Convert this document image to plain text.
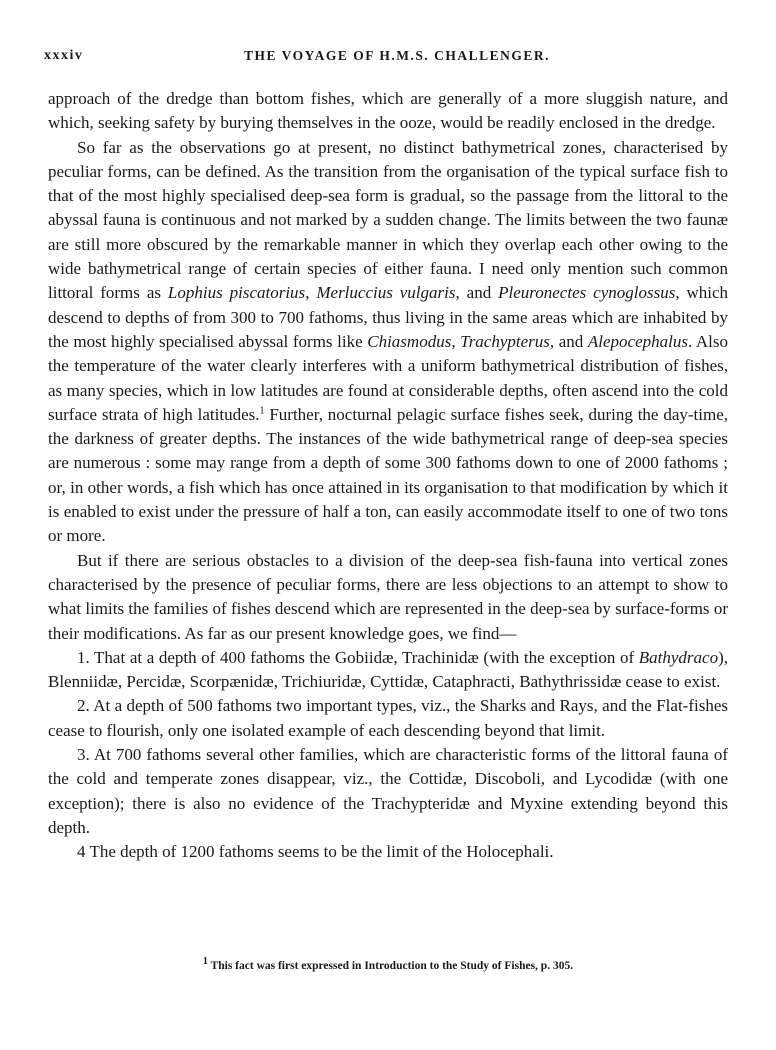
xxxiv	THE VOYAGE OF H.M.S. CHALLENGER.

approach of the dredge than bottom fishes, which are generally of a more sluggish nature, and which, seeking safety by burying themselves in the ooze, would be readily enclosed in the dredge.

So far as the observations go at present, no distinct bathymetrical zones, characterised by peculiar forms, can be defined. As the transition from the organisation of the typical surface fish to that of the most highly specialised deep-sea form is gradual, so the passage from the littoral to the abyssal fauna is continuous and not marked by a sudden change. The limits between the two faunæ are still more obscured by the remarkable manner in which they overlap each other owing to the wide bathymetrical range of certain species of either fauna. I need only mention such common littoral forms as Lophius piscatorius, Merluccius vulgaris, and Pleuronectes cynoglossus, which descend to depths of from 300 to 700 fathoms, thus living in the same areas which are inhabited by the most highly specialised abyssal forms like Chiasmodus, Trachypterus, and Alepocephalus. Also the temperature of the water clearly interferes with a uniform bathymetrical distribution of fishes, as many species, which in low latitudes are found at considerable depths, often ascend into the cold surface strata of high latitudes.$^1$ Further, nocturnal pelagic surface fishes seek, during the day-time, the darkness of greater depths. The instances of the wide bathymetrical range of deep-sea species are numerous : some may range from a depth of some 300 fathoms down to one of 2000 fathoms ; or, in other words, a fish which has once attained in its organisation to that modification by which it is enabled to exist under the pressure of half a ton, can easily accommodate itself to one of two tons or more.

But if there are serious obstacles to a division of the deep-sea fish-fauna into vertical zones characterised by the presence of peculiar forms, there are less objections to an attempt to show to what limits the families of fishes descend which are represented in the deep-sea by surface-forms or their modifications. As far as our present knowledge goes, we find—

1. That at a depth of 400 fathoms the Gobiidæ, Trachinidæ (with the exception of Bathydraco), Blenniidæ, Percidæ, Scorpænidæ, Trichiuridæ, Cyttidæ, Cataphracti, Bathythrissidæ cease to exist.

2. At a depth of 500 fathoms two important types, viz., the Sharks and Rays, and the Flat-fishes cease to flourish, only one isolated example of each descending beyond that limit.

3. At 700 fathoms several other families, which are characteristic forms of the littoral fauna of the cold and temperate zones disappear, viz., the Cottidæ, Discoboli, and Lycodidæ (with one exception); there is also no evidence of the Trachypteridæ and Myxine extending beyond this depth.

4 The depth of 1200 fathoms seems to be the limit of the Holocephali.

$^1$ This fact was first expressed in Introduction to the Study of Fishes, p. 305.
